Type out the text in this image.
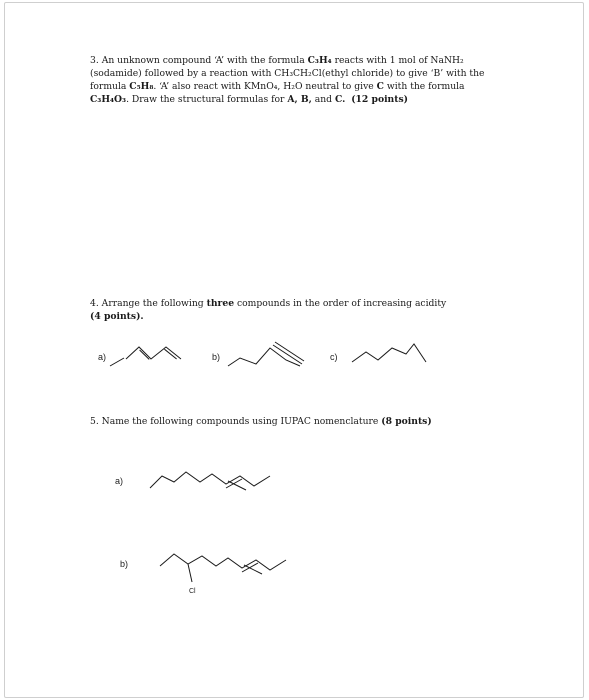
3. An unknown compound ‘A’ with the formula C₃H₄ reacts with 1 mol of NaNH₂
(sodamide) followed by a reaction with CH₃CH₂Cl(ethyl chloride) to give ‘B’ with the
formula C₅H₈. ‘A’ also react with KMnO₄, H₂O neutral to give C with the formula
C₃H₄O₃. Draw the structural formulas for A, B, and C. (12 points)

4. Arrange the following three compounds in the order of increasing acidity
(4 points).

a)	b)	c)

5. Name the following compounds using IUPAC nomenclature (8 points)

a)
b)
Cl
